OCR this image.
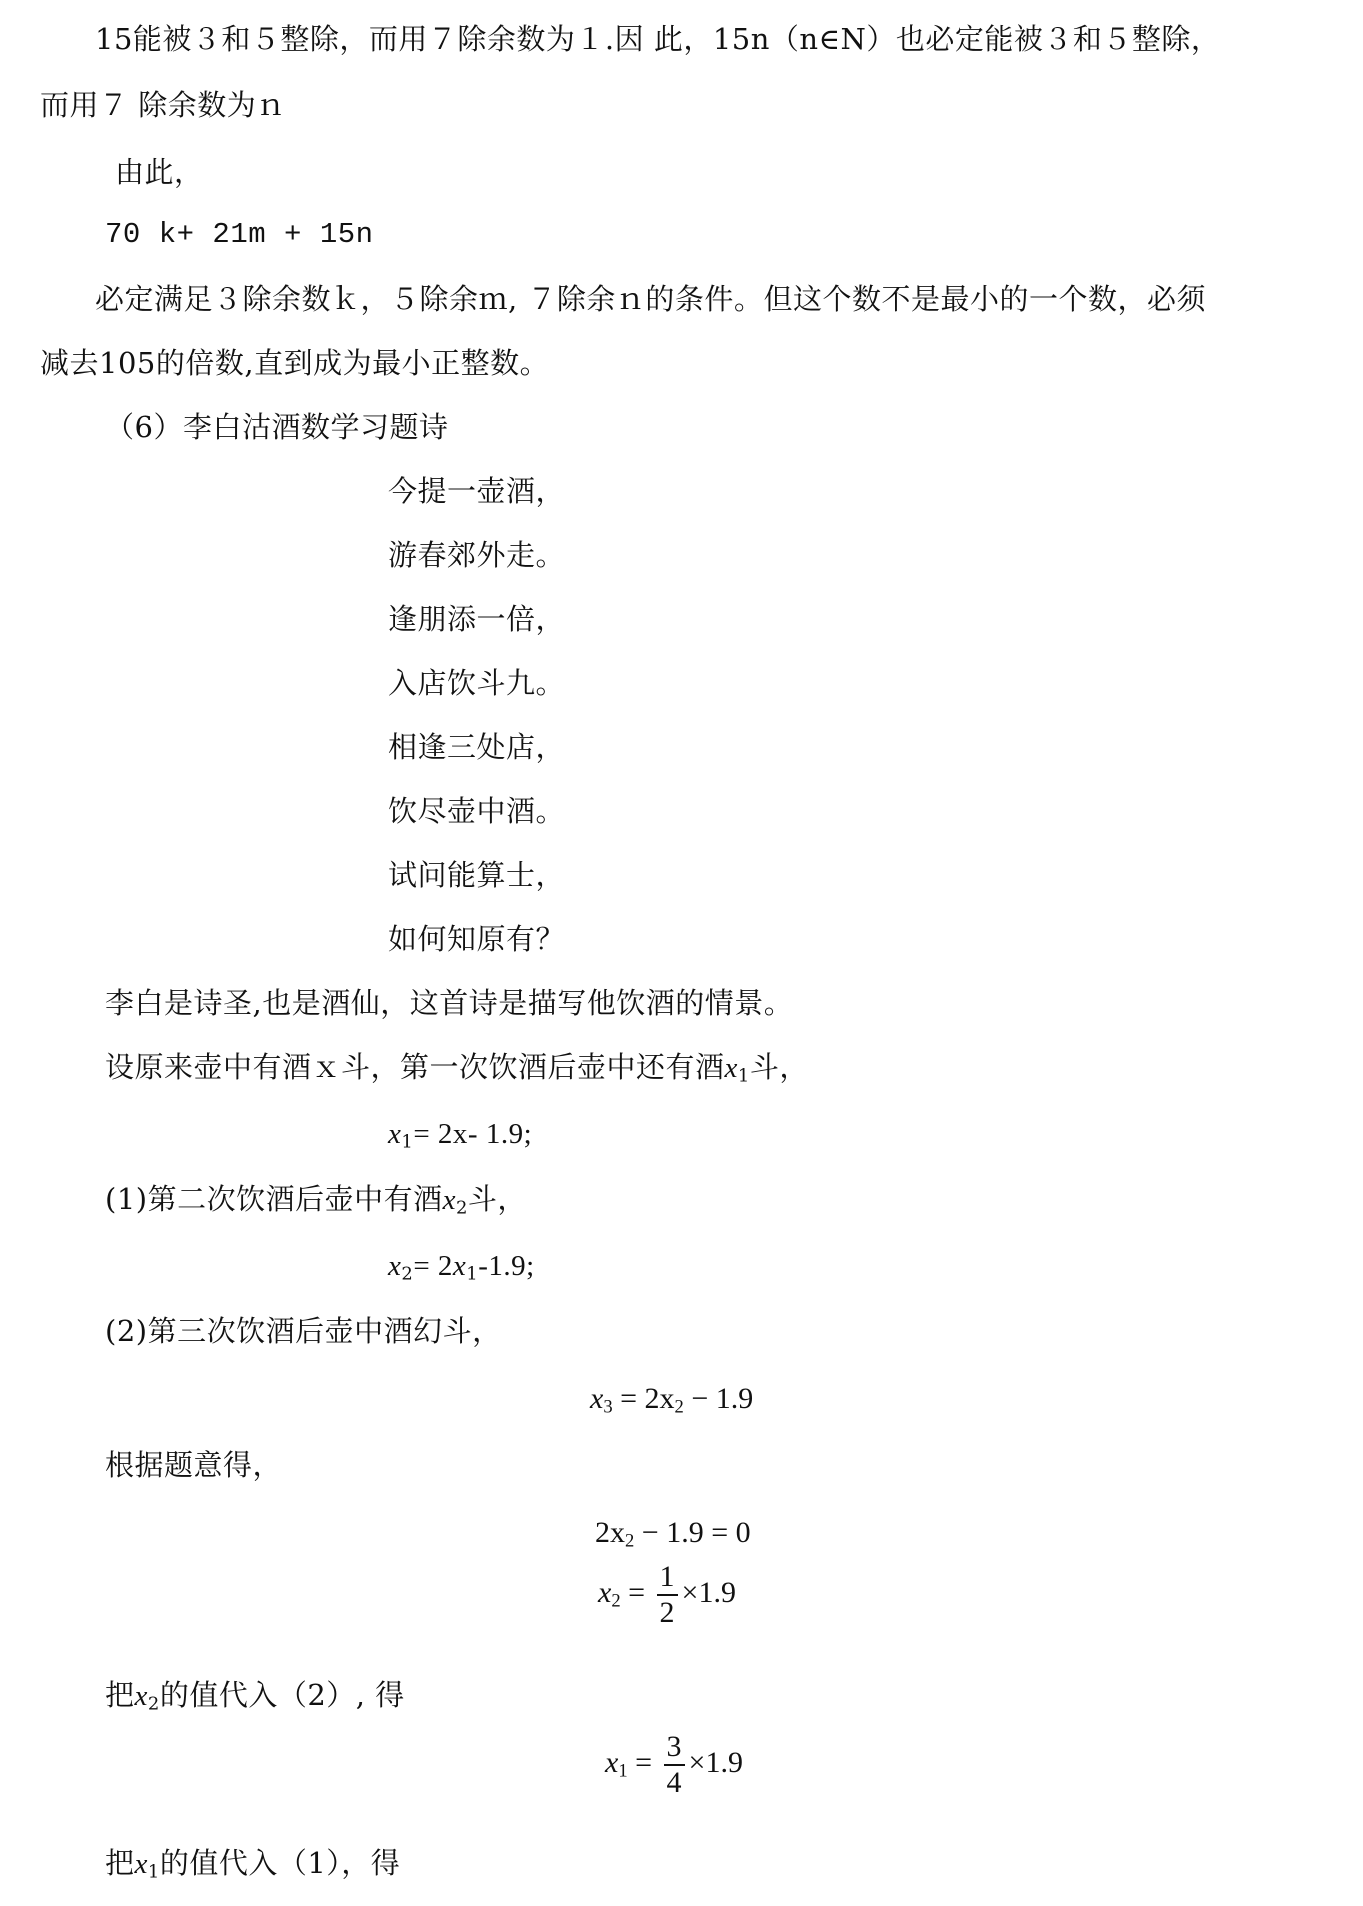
15能被３和５整除，而用７除余数为１.因 此，15n（n∈N）也必定能被３和５整除，
而用７ 除余数为ｎ
由此，
70 k+ 21m + 15n
必定满足３除余数ｋ，５除余ｍ, ７除余ｎ的条件。但这个数不是最小的一个数，必须
减去105的倍数,直到成为最小正整数。
（6）李白沽酒数学习题诗
今提一壶酒，
游春郊外走。
逢朋添一倍，
入店饮斗九。
相逢三处店，
饮尽壶中酒。
试问能算士，
如何知原有？
李白是诗圣,也是酒仙，这首诗是描写他饮酒的情景。
设原来壶中有酒ｘ斗，第一次饮酒后壶中还有酒$x_1$斗，
$x_1= 2x-$ 1.9;
(1)第二次饮酒后壶中有酒$x_2$斗，
$x_2= 2x_1-1.9$;
(2)第三次饮酒后壶中酒幻斗，
$x_3 = 2x_2 - 1.9$
根据题意得，
$2x_2 - 1.9 = 0$
$x_2 = \frac{1}{2} \times 1.9$
把$x_2$的值代入（2）, 得
$x_1 = \frac{3}{4} \times 1.9$
把$x_1$的值代入（1），得
